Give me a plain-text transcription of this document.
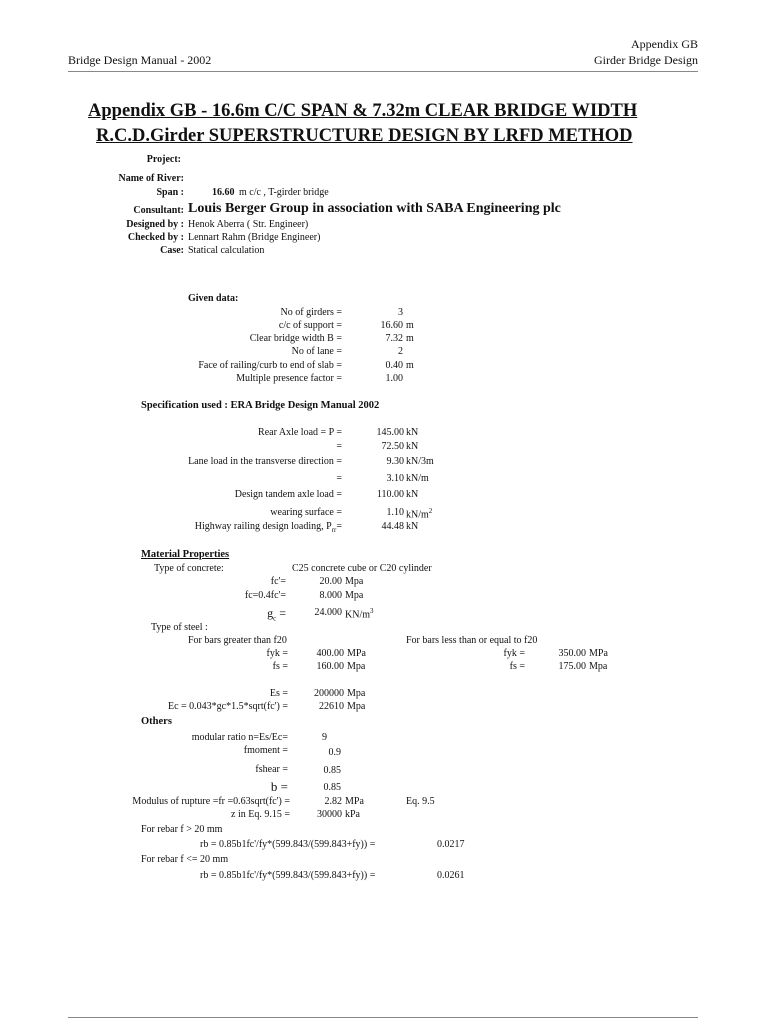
Appendix GB
Bridge Design Manual - 2002	Girder Bridge Design
Appendix GB - 16.6m C/C SPAN & 7.32m CLEAR BRIDGE WIDTH
R.C.D.Girder SUPERSTRUCTURE DESIGN BY LRFD METHOD
Project:
Name of River:
Span :	16.60 m c/c , T-girder bridge
Consultant: Louis Berger Group in association with SABA Engineering plc
Designed by : Henok Aberra ( Str. Engineer)
Checked by : Lennart Rahm (Bridge Engineer)
Case: Statical calculation
Given data:
No of girders =	3
c/c of support =	16.60 m
Clear bridge width B =	7.32 m
No of lane =	2
Face of railing/curb to end of slab =	0.40 m
Multiple presence factor =	1.00
Specification used : ERA Bridge Design Manual 2002
Rear Axle load = P =	145.00 kN
=	72.50 kN
Lane load in the transverse direction =	9.30 kN/3m
=	3.10 kN/m
Design tandem axle load =	110.00 kN
wearing surface =	1.10 $kN/m^2$
Highway railing design loading, $P_{rr}=$	44.48 kN
Material Properties
Type of concrete:	C25 concrete cube or C20 cylinder
fc'=	20.00 Mpa
fc=0.4fc'=	8.000 Mpa
$g_c$ =	24.000 $KN/m^3$
Type of steel :
For bars greater than f20	For bars less than or equal to f20
fyk =	400.00 MPa	fyk =	350.00 MPa
fs =	160.00 Mpa	fs =	175.00 Mpa
Es =	200000 Mpa
Ec = 0.043*gc*1.5*sqrt(fc') =	22610 Mpa
Others
modular ratio n=Es/Ec=	9
fmoment =	0.9
fshear =	0.85
b =	0.85
Modulus of rupture =fr =0.63sqrt(fc') =	2.82 MPa	Eq. 9.5
z in Eq. 9.15 =	30000 kPa
For rebar f > 20 mm
rb = 0.85b1fc'/fy*(599.843/(599.843+fy)) =	0.0217
For rebar f <= 20 mm
rb = 0.85b1fc'/fy*(599.843/(599.843+fy)) =	0.0261
